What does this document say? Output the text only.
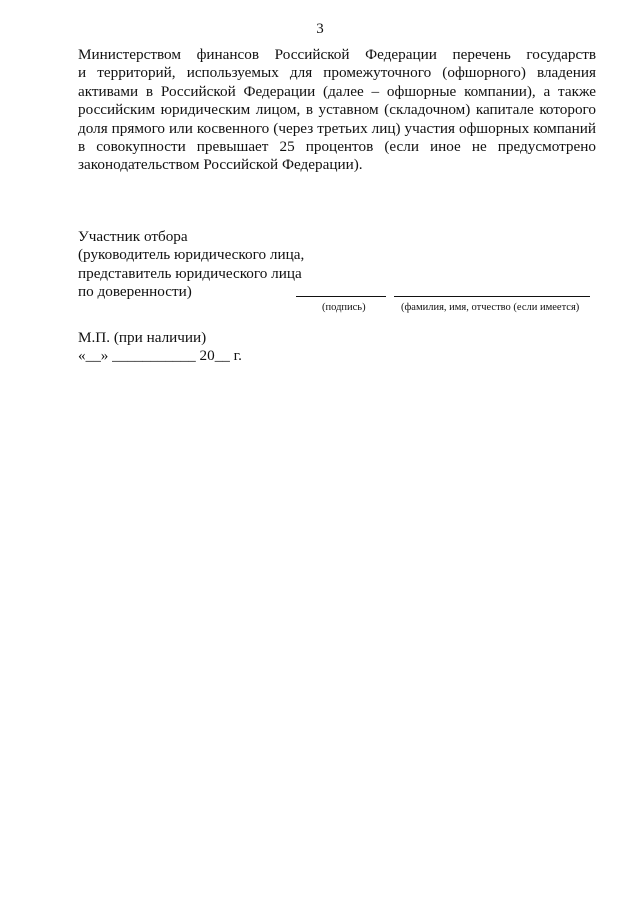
3

Министерством финансов Российской Федерации перечень государств
и территорий, используемых для промежуточного (офшорного) владения
активами в Российской Федерации (далее – офшорные компании), а также
российским юридическим лицом, в уставном (складочном) капитале которого
доля прямого или косвенного (через третьих лиц) участия офшорных компаний
в совокупности превышает 25 процентов (если иное не предусмотрено
законодательством Российской Федерации).

Участник отбора
(руководитель юридического лица,
представитель юридического лица
по доверенности)
(подпись)	(фамилия, имя, отчество (если имеется)
М.П. (при наличии)
«__» ___________ 20__ г.
